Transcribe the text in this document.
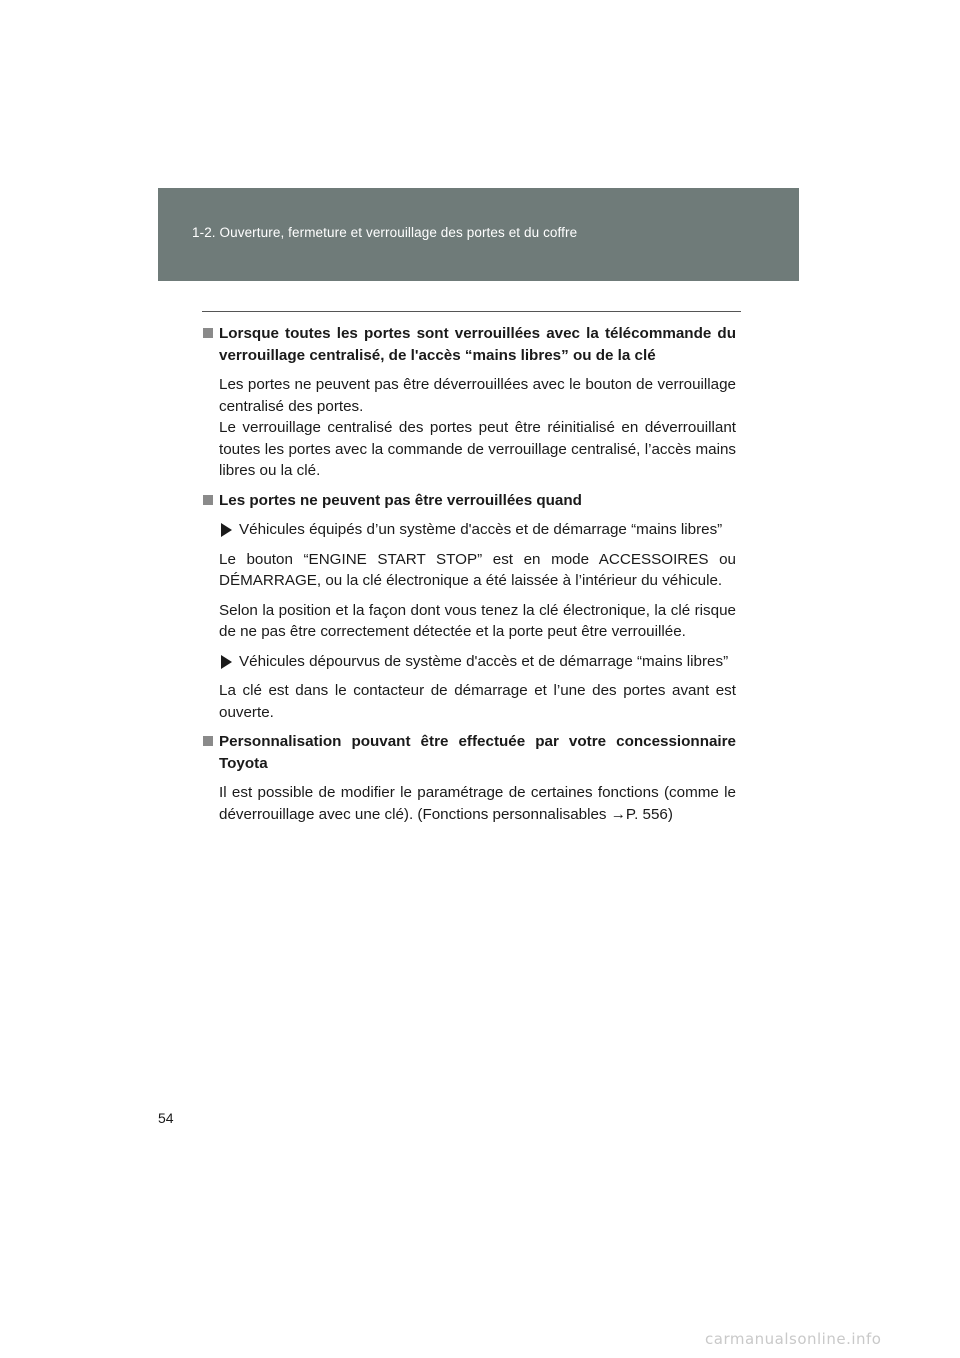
1-2. Ouverture, fermeture et verrouillage des portes et du coffre

Lorsque toutes les portes sont verrouillées avec la télécommande du verrouillage centralisé, de l'accès “mains libres” ou de la clé

Les portes ne peuvent pas être déverrouillées avec le bouton de verrouillage centralisé des portes.

Le verrouillage centralisé des portes peut être réinitialisé en déverrouillant toutes les portes avec la commande de verrouillage centralisé, l’accès mains libres ou la clé.

Les portes ne peuvent pas être verrouillées quand

Véhicules équipés d’un système d'accès et de démarrage “mains libres”

Le bouton “ENGINE START STOP” est en mode ACCESSOIRES ou DÉMARRAGE, ou la clé électronique a été laissée à l’intérieur du véhicule.

Selon la position et la façon dont vous tenez la clé électronique, la clé risque de ne pas être correctement détectée et la porte peut être verrouillée.

Véhicules dépourvus de système d'accès et de démarrage “mains libres”

La clé est dans le contacteur de démarrage et l’une des portes avant est ouverte.

Personnalisation pouvant être effectuée par votre concessionnaire Toyota

Il est possible de modifier le paramétrage de certaines fonctions (comme le déverrouillage avec une clé). (Fonctions personnalisables →P. 556)

54
carmanualsonline.info
